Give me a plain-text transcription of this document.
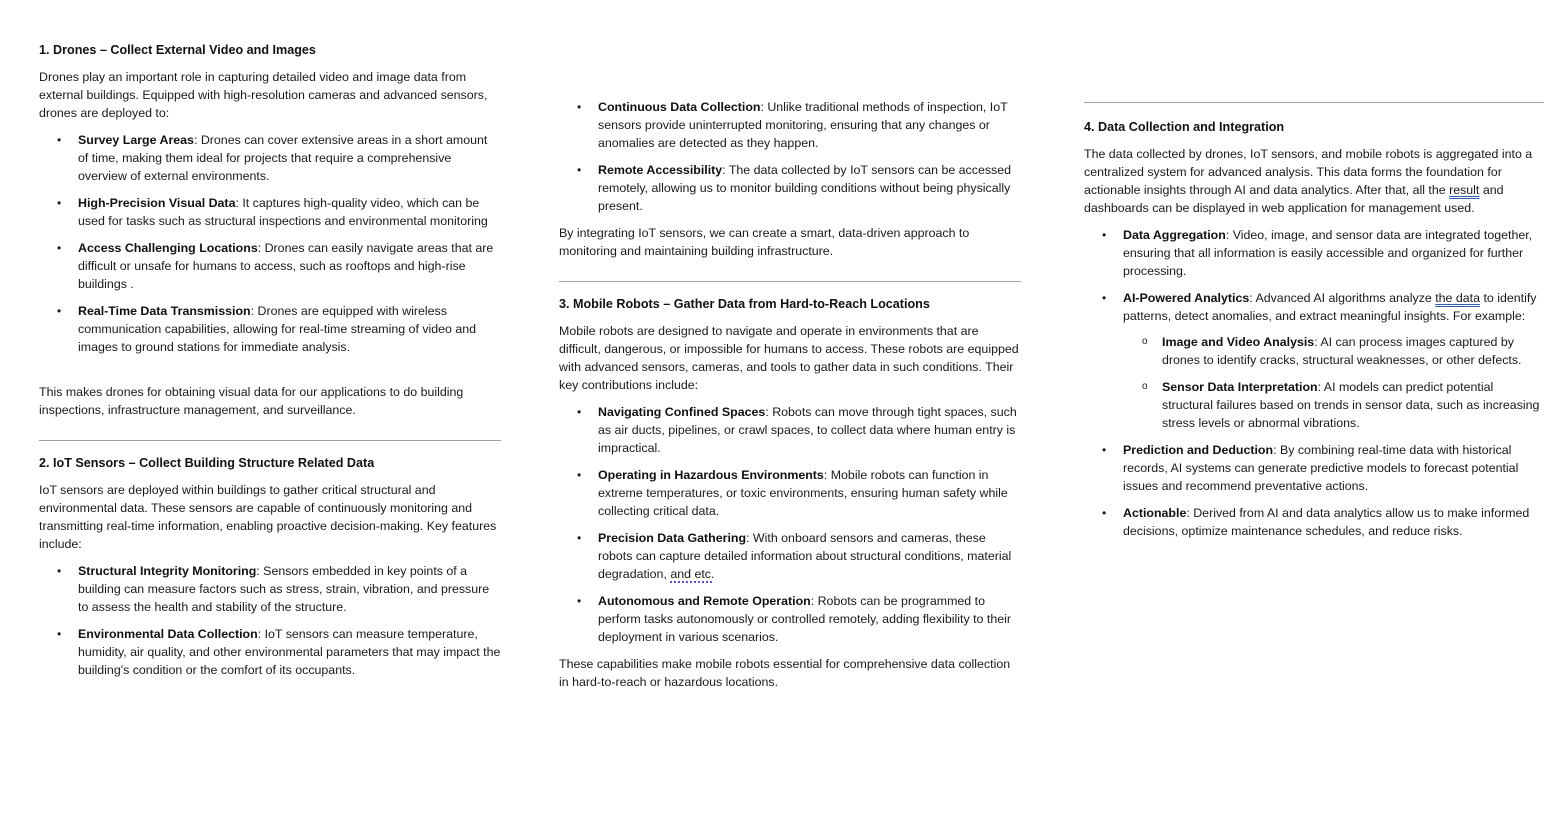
1. Drones – Collect External Video and Images

Drones play an important role in capturing detailed video and image data from external buildings. Equipped with high-resolution cameras and advanced sensors, drones are deployed to:

• Survey Large Areas: Drones can cover extensive areas in a short amount of time, making them ideal for projects that require a comprehensive overview of external environments.
• High-Precision Visual Data: It captures high-quality video, which can be used for tasks such as structural inspections and environmental monitoring
• Access Challenging Locations: Drones can easily navigate areas that are difficult or unsafe for humans to access, such as rooftops and high-rise buildings .
• Real-Time Data Transmission: Drones are equipped with wireless communication capabilities, allowing for real-time streaming of video and images to ground stations for immediate analysis.

This makes drones for obtaining visual data for our applications to do building inspections, infrastructure management, and surveillance.

2. IoT Sensors – Collect Building Structure Related Data

IoT sensors are deployed within buildings to gather critical structural and environmental data. These sensors are capable of continuously monitoring and transmitting real-time information, enabling proactive decision-making. Key features include:

• Structural Integrity Monitoring: Sensors embedded in key points of a building can measure factors such as stress, strain, vibration, and pressure to assess the health and stability of the structure.
• Environmental Data Collection: IoT sensors can measure temperature, humidity, air quality, and other environmental parameters that may impact the building's condition or the comfort of its occupants.
• Continuous Data Collection: Unlike traditional methods of inspection, IoT sensors provide uninterrupted monitoring, ensuring that any changes or anomalies are detected as they happen.
• Remote Accessibility: The data collected by IoT sensors can be accessed remotely, allowing us to monitor building conditions without being physically present.

By integrating IoT sensors, we can create a smart, data-driven approach to monitoring and maintaining building infrastructure.

3. Mobile Robots – Gather Data from Hard-to-Reach Locations

Mobile robots are designed to navigate and operate in environments that are difficult, dangerous, or impossible for humans to access. These robots are equipped with advanced sensors, cameras, and tools to gather data in such conditions. Their key contributions include:

• Navigating Confined Spaces: Robots can move through tight spaces, such as air ducts, pipelines, or crawl spaces, to collect data where human entry is impractical.
• Operating in Hazardous Environments: Mobile robots can function in extreme temperatures, or toxic environments, ensuring human safety while collecting critical data.
• Precision Data Gathering: With onboard sensors and cameras, these robots can capture detailed information about structural conditions, material degradation, and etc.
• Autonomous and Remote Operation: Robots can be programmed to perform tasks autonomously or controlled remotely, adding flexibility to their deployment in various scenarios.

These capabilities make mobile robots essential for comprehensive data collection in hard-to-reach or hazardous locations.

4. Data Collection and Integration

The data collected by drones, IoT sensors, and mobile robots is aggregated into a centralized system for advanced analysis. This data forms the foundation for actionable insights through AI and data analytics. After that, all the result and dashboards can be displayed in web application for management used.

• Data Aggregation: Video, image, and sensor data are integrated together, ensuring that all information is easily accessible and organized for further processing.
• AI-Powered Analytics: Advanced AI algorithms analyze the data to identify patterns, detect anomalies, and extract meaningful insights. For example:
o Image and Video Analysis: AI can process images captured by drones to identify cracks, structural weaknesses, or other defects.
o Sensor Data Interpretation: AI models can predict potential structural failures based on trends in sensor data, such as increasing stress levels or abnormal vibrations.
• Prediction and Deduction: By combining real-time data with historical records, AI systems can generate predictive models to forecast potential issues and recommend preventative actions.
• Actionable: Derived from AI and data analytics allow us to make informed decisions, optimize maintenance schedules, and reduce risks.
